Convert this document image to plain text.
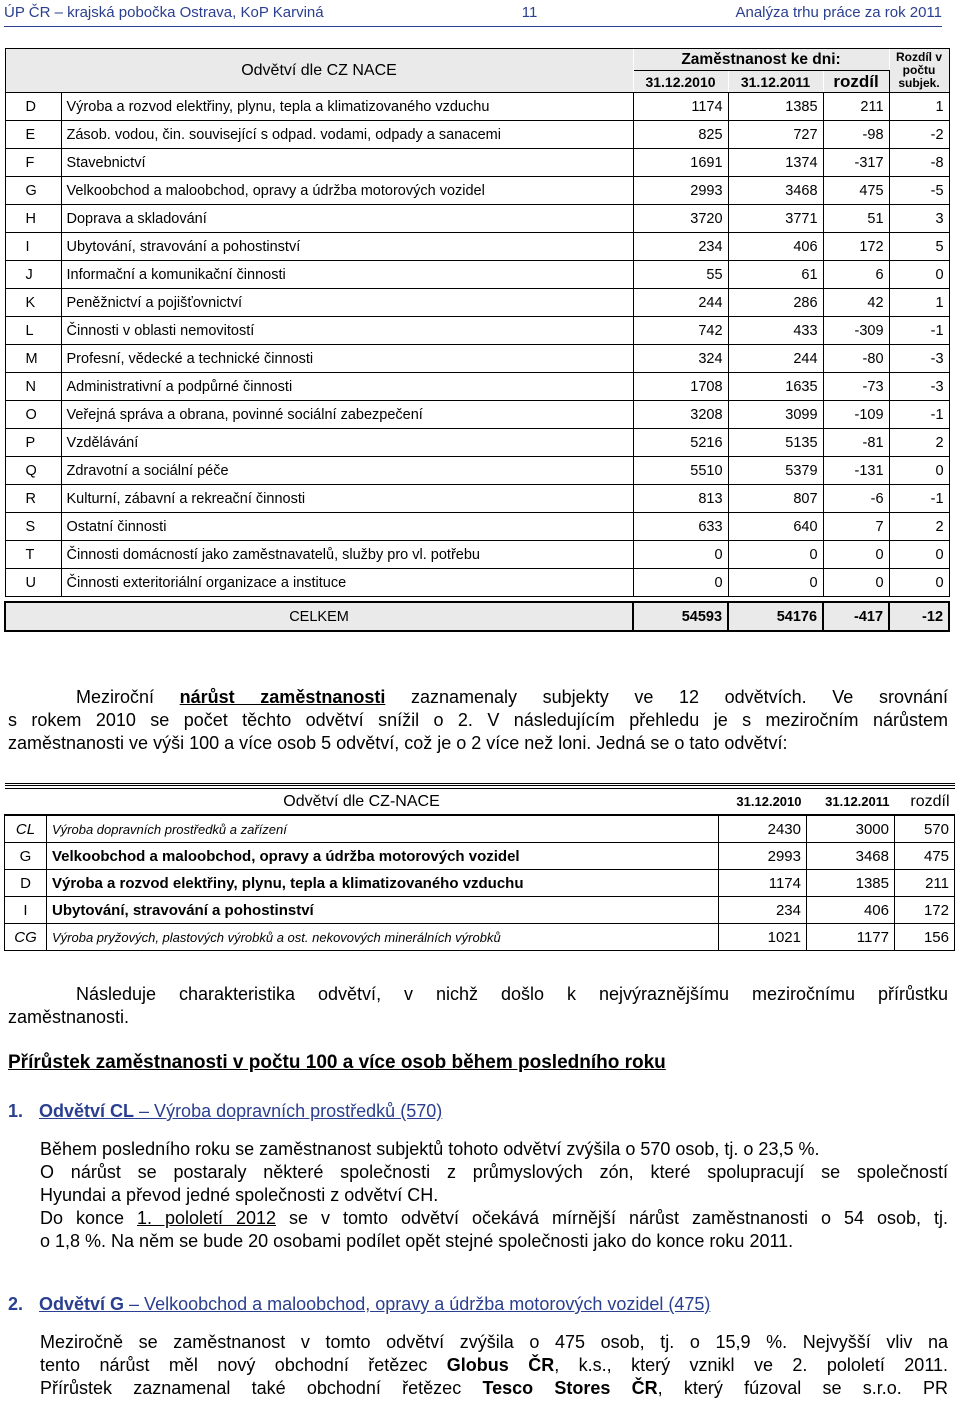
ÚP ČR – krajská pobočka Ostrava, KoP Karviná	11	Analýza trhu práce za rok 2011
Odvětví dle CZ NACE		Zaměstnanost ke dni:			Rozdíl v počtu subjek.
		31.12.2010	31.12.2011	rozdíl	
D	Výroba a rozvod elektřiny, plynu, tepla a klimatizovaného vzduchu	1174	1385	211	1
E	Zásob. vodou, čin. související s odpad. vodami, odpady a sanacemi	825	727	-98	-2
F	Stavebnictví	1691	1374	-317	-8
G	Velkoobchod a maloobchod, opravy a údržba motorových vozidel	2993	3468	475	-5
H	Doprava a skladování	3720	3771	51	3
I	Ubytování, stravování a pohostinství	234	406	172	5
J	Informační a komunikační činnosti	55	61	6	0
K	Peněžnictví a pojišťovnictví	244	286	42	1
L	Činnosti v oblasti nemovitostí	742	433	-309	-1
M	Profesní, vědecké a technické činnosti	324	244	-80	-3
N	Administrativní a podpůrné činnosti	1708	1635	-73	-3
O	Veřejná správa a obrana, povinné sociální zabezpečení	3208	3099	-109	-1
P	Vzdělávání	5216	5135	-81	2
Q	Zdravotní a sociální péče	5510	5379	-131	0
R	Kulturní, zábavní a rekreační činnosti	813	807	-6	-1
S	Ostatní činnosti	633	640	7	2
T	Činnosti domácností jako zaměstnavatelů, služby pro vl. potřebu	0	0	0	0
U	Činnosti exteritoriální organizace a instituce	0	0	0	0

CELKEM		54593	54176	-417	-12
Meziroční nárůst zaměstnanosti zaznamenaly subjekty ve 12 odvětvích. Ve srovnání
s rokem 2010 se počet těchto odvětví snížil o 2. V následujícím přehledu je s meziročním nárůstem
zaměstnanosti ve výši 100 a více osob 5 odvětví, což je o 2 více než loni. Jedná se o tato odvětví:

Odvětví dle CZ-NACE		31.12.2010	31.12.2011	rozdíl
CL	Výroba dopravních prostředků a zařízení	2430	3000	570
G	Velkoobchod a maloobchod, opravy a údržba motorových vozidel	2993	3468	475
D	Výroba a rozvod elektřiny, plynu, tepla a klimatizovaného vzduchu	1174	1385	211
I	Ubytování, stravování a pohostinství	234	406	172
CG	Výroba pryžových, plastových výrobků a ost. nekovových minerálních výrobků	1021	1177	156
Následuje charakteristika odvětví, v nichž došlo k nejvýraznějšímu meziročnímu přírůstku
zaměstnanosti.
Přírůstek zaměstnanosti v počtu 100 a více osob během posledního roku
1. Odvětví CL – Výroba dopravních prostředků (570)
Během posledního roku se zaměstnanost subjektů tohoto odvětví zvýšila o 570 osob, tj. o 23,5 %.
O nárůst se postaraly některé společnosti z průmyslových zón, které spolupracují se společností
Hyundai a převod jedné společnosti z odvětví CH.
Do konce 1. pololetí 2012 se v tomto odvětví očekává mírnější nárůst zaměstnanosti o 54 osob, tj.
o 1,8 %. Na něm se bude 20 osobami podílet opět stejné společnosti jako do konce roku 2011.
2. Odvětví G – Velkoobchod a maloobchod, opravy a údržba motorových vozidel (475)
Meziročně se zaměstnanost v tomto odvětví zvýšila o 475 osob, tj. o 15,9 %. Nejvyšší vliv na
tento nárůst měl nový obchodní řetězec Globus ČR, k.s., který vznikl ve 2. pololetí 2011.
Přírůstek zaznamenal také obchodní řetězec Tesco Stores ČR, který fúzoval se s.r.o. PR
